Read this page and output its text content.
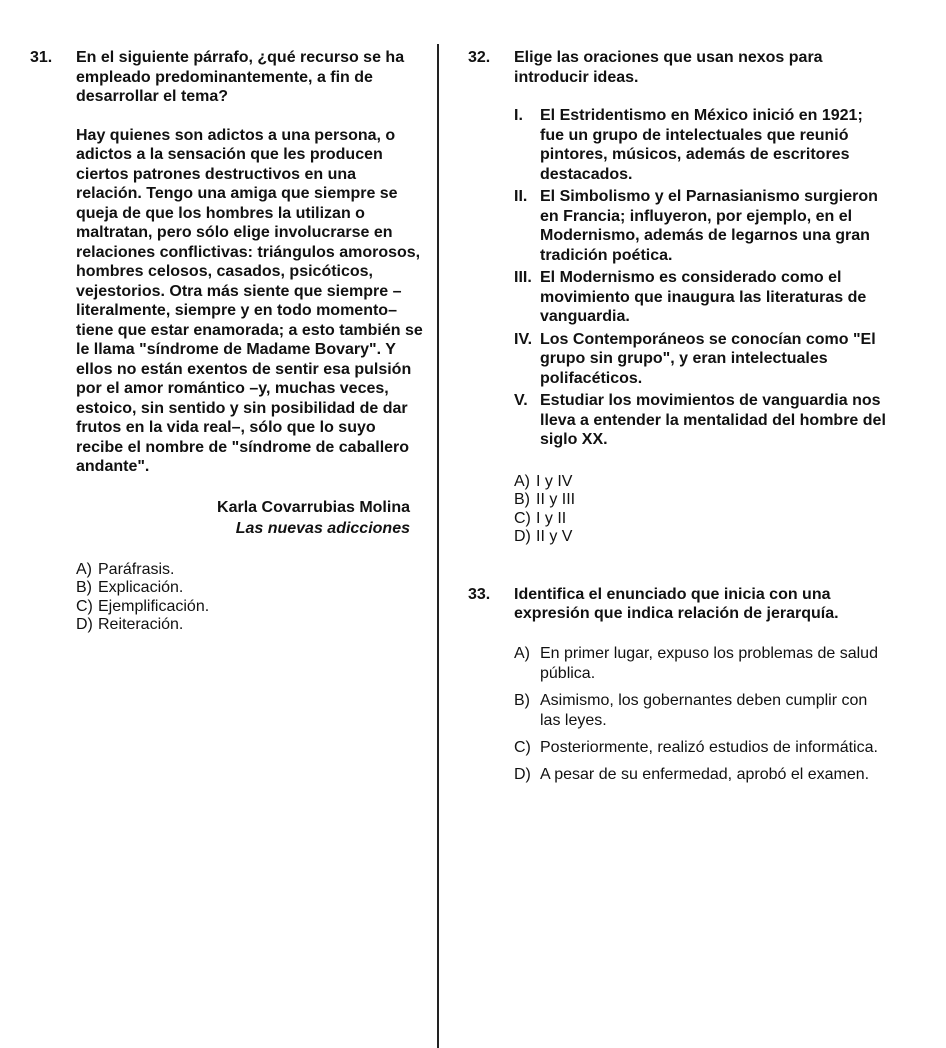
31.	En el siguiente párrafo, ¿qué recurso se ha empleado predominantemente, a fin de desarrollar el tema?
Hay quienes son adictos a una persona, o adictos a la sensación que les producen ciertos patrones destructivos en una relación. Tengo una amiga que siempre se queja de que los hombres la utilizan o maltratan, pero sólo elige involucrarse en relaciones conflictivas: triángulos amorosos, hombres celosos, casados, psicóticos, vejestorios. Otra más siente que siempre –literalmente, siempre y en todo momento– tiene que estar enamorada; a esto también se le llama "síndrome de Madame Bovary". Y ellos no están exentos de sentir esa pulsión por el amor romántico –y, muchas veces, estoico, sin sentido y sin posibilidad de dar frutos en la vida real–, sólo que lo suyo recibe el nombre de "síndrome de caballero andante".
Karla Covarrubias Molina
Las nuevas adicciones
A) Paráfrasis.
B) Explicación.
C) Ejemplificación.
D) Reiteración.
32.	Elige las oraciones que usan nexos para introducir ideas.
I.	El Estridentismo en México inició en 1921; fue un grupo de intelectuales que reunió pintores, músicos, además de escritores destacados.
II. El Simbolismo y el Parnasianismo surgieron en Francia; influyeron, por ejemplo, en el Modernismo, además de legarnos una gran tradición poética.
III. El Modernismo es considerado como el movimiento que inaugura las literaturas de vanguardia.
IV. Los Contemporáneos se conocían como "El grupo sin grupo", y eran intelectuales polifacéticos.
V. Estudiar los movimientos de vanguardia nos lleva a entender la mentalidad del hombre del siglo XX.
A) I y IV
B) II y III
C) I y II
D) II y V
33.	Identifica el enunciado que inicia con una expresión que indica relación de jerarquía.
A) En primer lugar, expuso los problemas de salud pública.
B) Asimismo, los gobernantes deben cumplir con las leyes.
C) Posteriormente, realizó estudios de informática.
D) A pesar de su enfermedad, aprobó el examen.
